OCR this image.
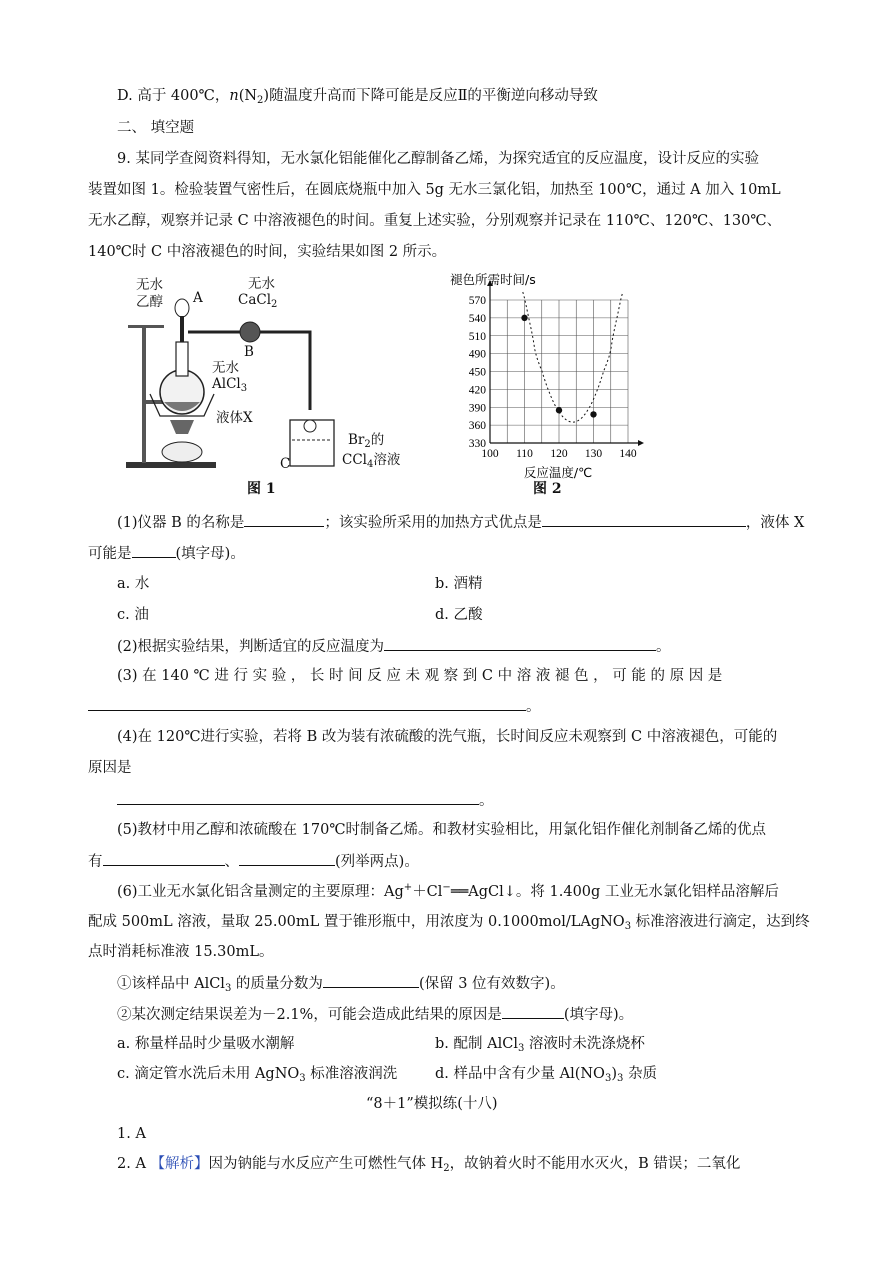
D. 高于 400℃，$n(N_2)$随温度升高而下降可能是反应Ⅱ的平衡逆向移动导致
二、 填空题
9. 某同学查阅资料得知，无水氯化铝能催化乙醇制备乙烯，为探究适宜的反应温度，设计反应的实验
装置如图 1。检验装置气密性后，在圆底烧瓶中加入 5g 无水三氯化铝，加热至 100℃，通过 A 加入 10mL
无水乙醇，观察并记录 C 中溶液褪色的时间。重复上述实验，分别观察并记录在 110℃、120℃、130℃、
140℃时 C 中溶液褪色的时间，实验结果如图 2 所示。
无水
乙醇 A
无水
CaCl$_2$
B
无水
AlCl$_3$
液体X
C
$Br_2$的
CCl$_4$溶液
图 1
330
360
390
420
450
490
510
540
570
100 110 120 130 140
褪色所需时间/s
反应温度/℃
图 2
(1)仪器 B 的名称是	；该实验所采用的加热方式优点是	，液体 X
可能是	(填字母)。
a. 水	b. 酒精
c. 油	d. 乙酸
(2)根据实验结果，判断适宜的反应温度为	。
(3) 在 140 ℃ 进 行 实 验 ， 长 时 间 反 应 未 观 察 到 C 中 溶 液 褪 色 ， 可 能 的 原 因 是
。
(4)在 120℃进行实验，若将 B 改为装有浓硫酸的洗气瓶，长时间反应未观察到 C 中溶液褪色，可能的
原因是
。
(5)教材中用乙醇和浓硫酸在 170℃时制备乙烯。和教材实验相比，用氯化铝作催化剂制备乙烯的优点
有	、	(列举两点)。
(6)工业无水氯化铝含量测定的主要原理：Ag+＋Cl−══AgCl↓。将 1.400g 工业无水氯化铝样品溶解后
配成 500mL 溶液，量取 25.00mL 置于锥形瓶中，用浓度为 0.1000mol/LAgNO$_3$ 标准溶液进行滴定，达到终
点时消耗标准液 15.30mL。
①该样品中 AlCl$_3$ 的质量分数为	(保留 3 位有效数字)。
②某次测定结果误差为－2.1%，可能会造成此结果的原因是	(填字母)。
a. 称量样品时少量吸水潮解	b. 配制 AlCl$_3$ 溶液时未洗涤烧杯
c. 滴定管水洗后未用 AgNO$_3$ 标准溶液润洗	d. 样品中含有少量 $Al(NO_3)_3$ 杂质
“8＋1”模拟练(十八)
1. A
2. A 【解析】因为钠能与水反应产生可燃性气体 $H_2$，故钠着火时不能用水灭火，B 错误；二氧化
